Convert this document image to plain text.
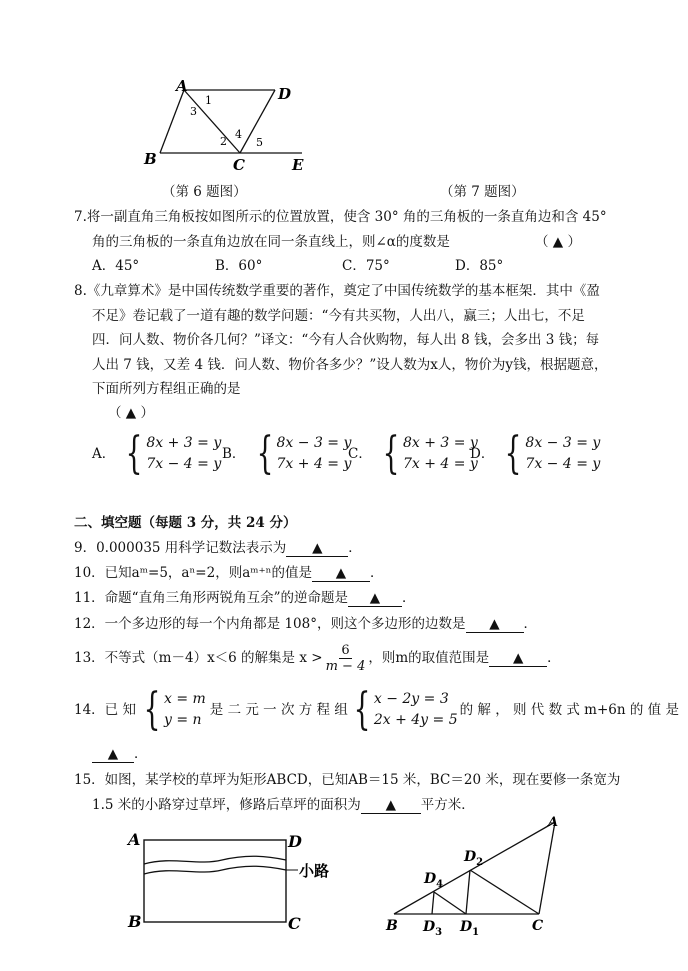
A	D
B	C	E
1
3
2
4
5
（第 6 题图）	（第 7 题图）
7.将一副直角三角板按如图所示的位置放置，使含 30° 角的三角板的一条直角边和含 45°
角的三角板的一条直角边放在同一条直线上，则∠α的度数是	（ ▲ ）
A．45°	B．60°	C．75°	D．85°
8.《九章算术》是中国传统数学重要的著作，奠定了中国传统数学的基本框架．其中《盈
不足》卷记载了一道有趣的数学问题：“今有共买物，人出八，赢三；人出七，不足
四．问人数、物价各几何？”译文：“今有人合伙购物，每人出 8 钱，会多出 3 钱；每
人出 7 钱，又差 4 钱．问人数、物价各多少？”设人数为x人，物价为y钱，根据题意，
下面所列方程组正确的是
（ ▲ ）
A． { 8x + 3 = y
7x − 4 = y
B． { 8x − 3 = y
7x + 4 = y
C． { 8x + 3 = y
7x + 4 = y
D． { 8x − 3 = y
7x − 4 = y
二、填空题（每题 3 分，共 24 分）
9．0.000035 用科学记数法表示为 ▲ ．
10．已知aᵐ=5，aⁿ=2，则aᵐ⁺ⁿ的值是 ▲ ．
11．命题“直角三角形两锐角互余”的逆命题是 ▲ ．
12．一个多边形的每一个内角都是 108°，则这个多边形的边数是 ▲ ．
13．不等式（m－4）x＜6 的解集是 $x > \frac{6}{m - 4}$ ，则m的取值范围是	▲	．
14．已 知 { x = m
y = n
是 二 元 一 次 方 程 组 { x − 2y = 3
2x + 4y = 5
的 解 ， 则 代 数 式 m+6n 的 值 是
▲ ．
15．如图，某学校的草坪为矩形ABCD，已知AB＝15 米，BC＝20 米，现在要修一条宽为
1.5 米的小路穿过草坪，修路后草坪的面积为 ▲ 平方米．
A	D
B	C
小路
A
$D_2$
$D_4$
B $D_3$ $D_1$	C
